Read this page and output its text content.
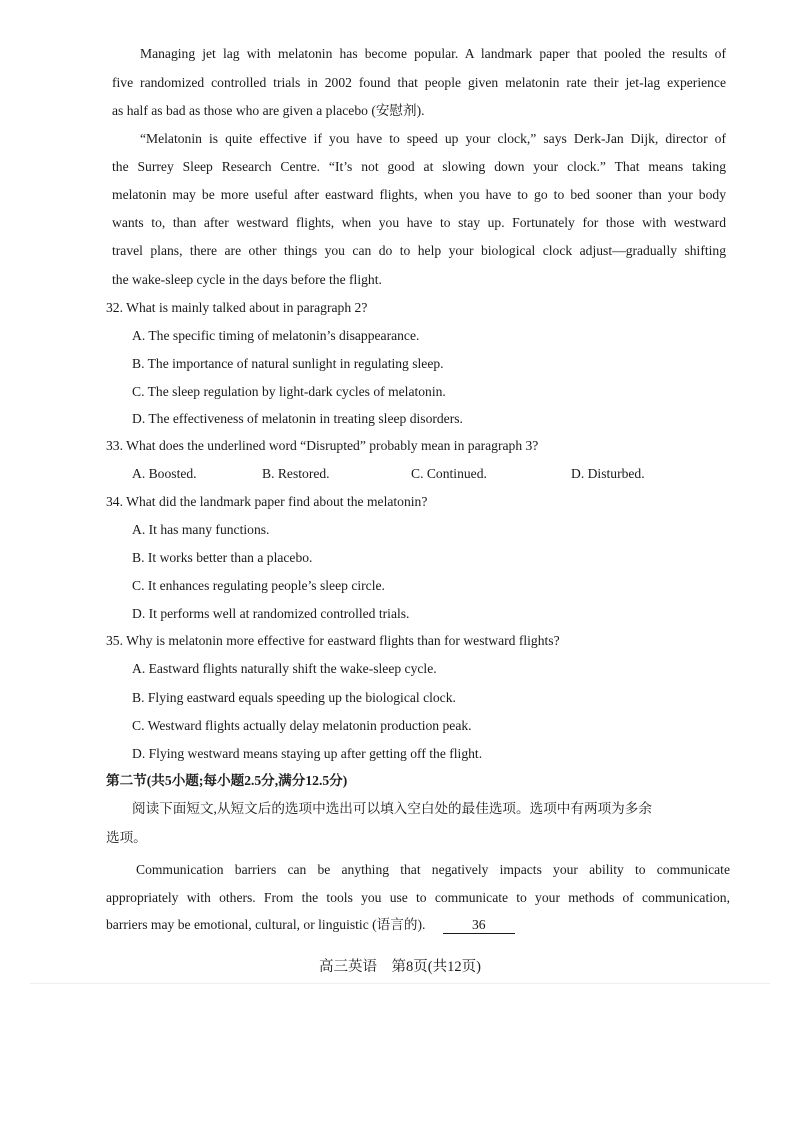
Managing jet lag with melatonin has become popular. A landmark paper that pooled the results of
five randomized controlled trials in 2002 found that people given melatonin rate their jet-lag experience
as half as bad as those who are given a placebo (安慰剂).
“Melatonin is quite effective if you have to speed up your clock,” says Derk-Jan Dijk, director of
the Surrey Sleep Research Centre. “It’s not good at slowing down your clock.” That means taking
melatonin may be more useful after eastward flights, when you have to go to bed sooner than your body
wants to, than after westward flights, when you have to stay up. Fortunately for those with westward
travel plans, there are other things you can do to help your biological clock adjust—gradually shifting
the wake-sleep cycle in the days before the flight.
32. What is mainly talked about in paragraph 2?
A. The specific timing of melatonin’s disappearance.
B. The importance of natural sunlight in regulating sleep.
C. The sleep regulation by light-dark cycles of melatonin.
D. The effectiveness of melatonin in treating sleep disorders.
33. What does the underlined word “Disrupted” probably mean in paragraph 3?
A. Boosted.	B. Restored.	C. Continued.	D. Disturbed.
34. What did the landmark paper find about the melatonin?
A. It has many functions.
B. It works better than a placebo.
C. It enhances regulating people’s sleep circle.
D. It performs well at randomized controlled trials.
35. Why is melatonin more effective for eastward flights than for westward flights?
A. Eastward flights naturally shift the wake-sleep cycle.
B. Flying eastward equals speeding up the biological clock.
C. Westward flights actually delay melatonin production peak.
D. Flying westward means staying up after getting off the flight.
第二节(共5小题;每小题2.5分,满分12.5分)
阅读下面短文,从短文后的选项中选出可以填入空白处的最佳选项。选项中有两项为多余
选项。
Communication barriers can be anything that negatively impacts your ability to communicate
appropriately with others. From the tools you use to communicate to your methods of communication,
barriers may be emotional, cultural, or linguistic (语言的).	36
高三英语　第8页(共12页)
